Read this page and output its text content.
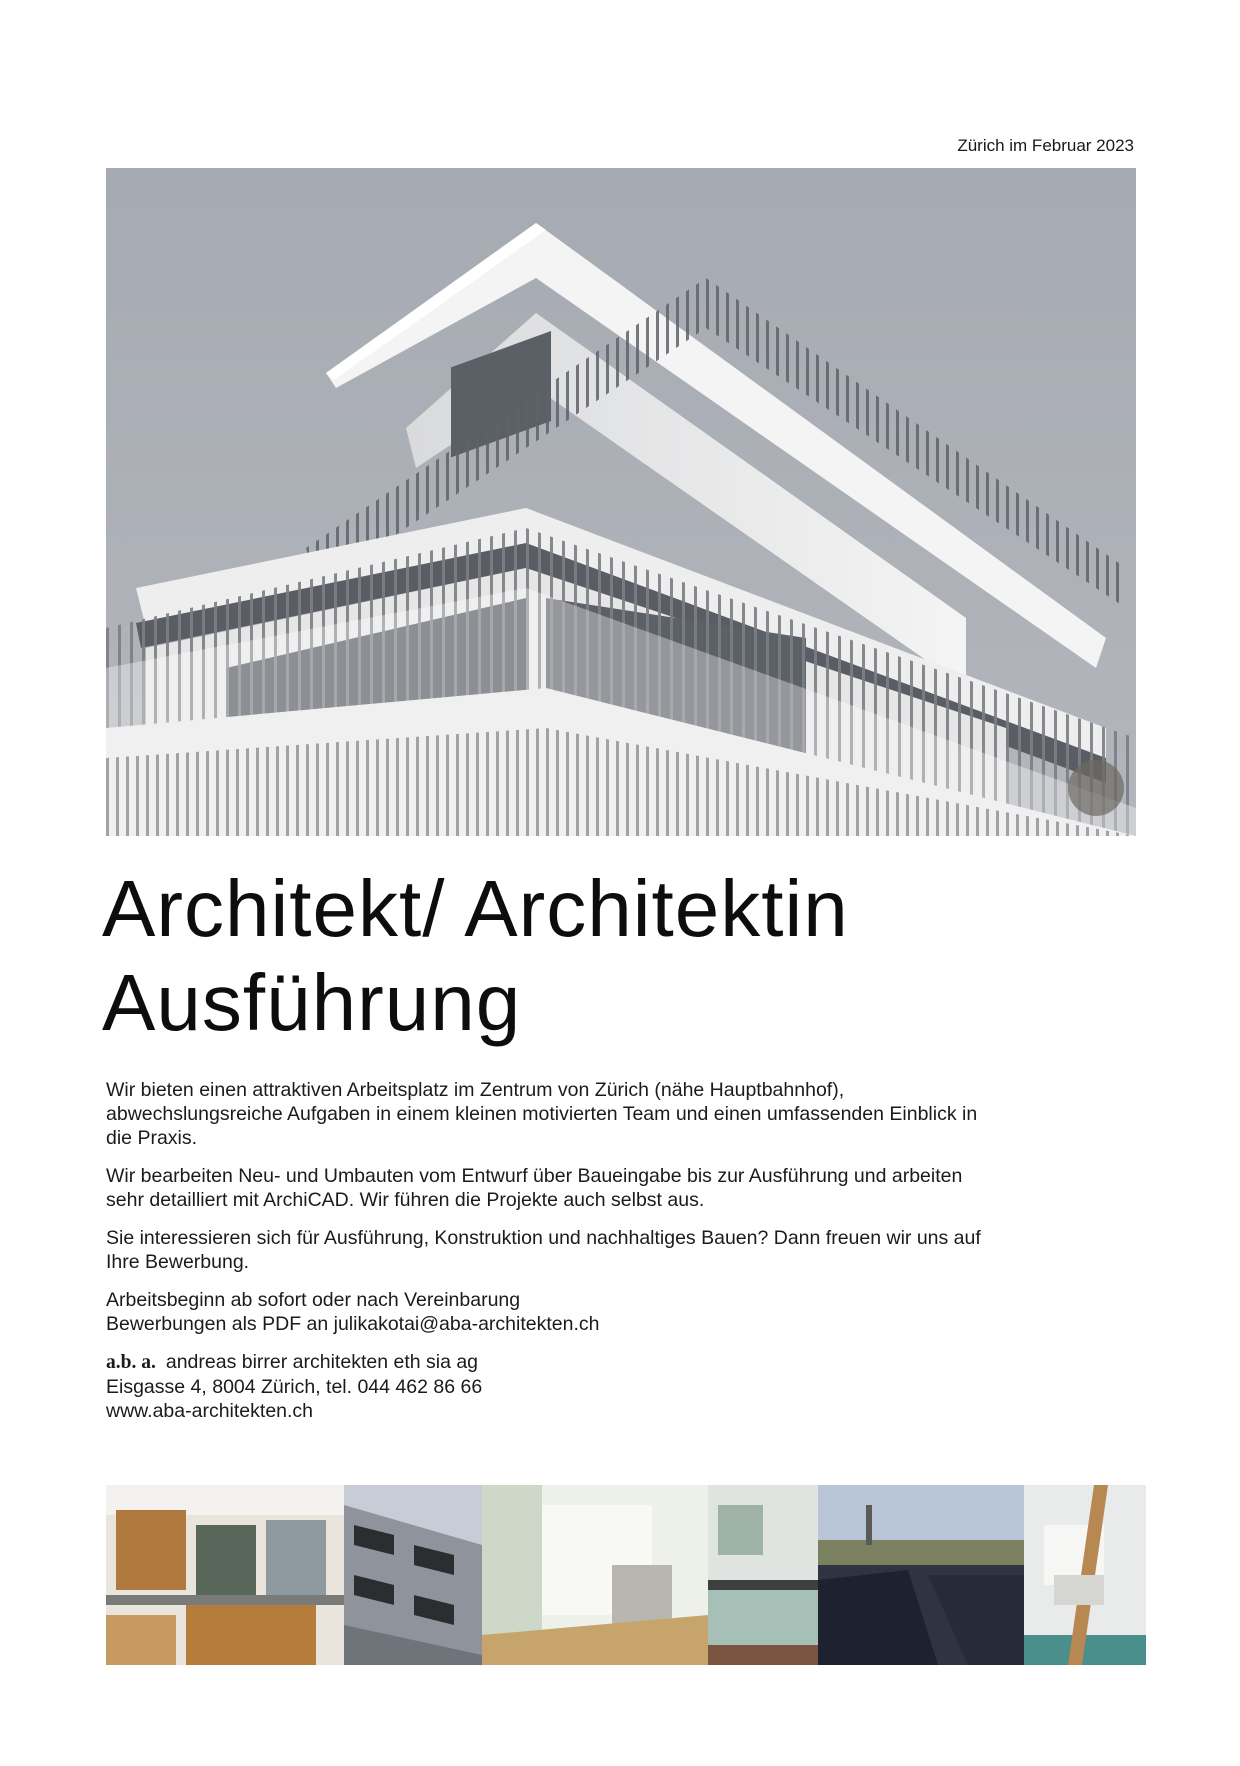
Zürich im Februar 2023
Architekt/ Architektin
Ausführung

Wir bieten einen attraktiven Arbeitsplatz im Zentrum von Zürich (nähe Hauptbahnhof),
abwechslungsreiche Aufgaben in einem kleinen motivierten Team und einen umfassenden Einblick in
die Praxis.

Wir bearbeiten Neu- und Umbauten vom Entwurf über Baueingabe bis zur Ausführung und arbeiten
sehr detailliert mit ArchiCAD. Wir führen die Projekte auch selbst aus.

Sie interessieren sich für Ausführung, Konstruktion und nachhaltiges Bauen? Dann freuen wir uns auf
Ihre Bewerbung.

Arbeitsbeginn ab sofort oder nach Vereinbarung
Bewerbungen als PDF an julikakotai@aba-architekten.ch

a.b. a. andreas birrer architekten eth sia ag
Eisgasse 4, 8004 Zürich, tel. 044 462 86 66
www.aba-architekten.ch
